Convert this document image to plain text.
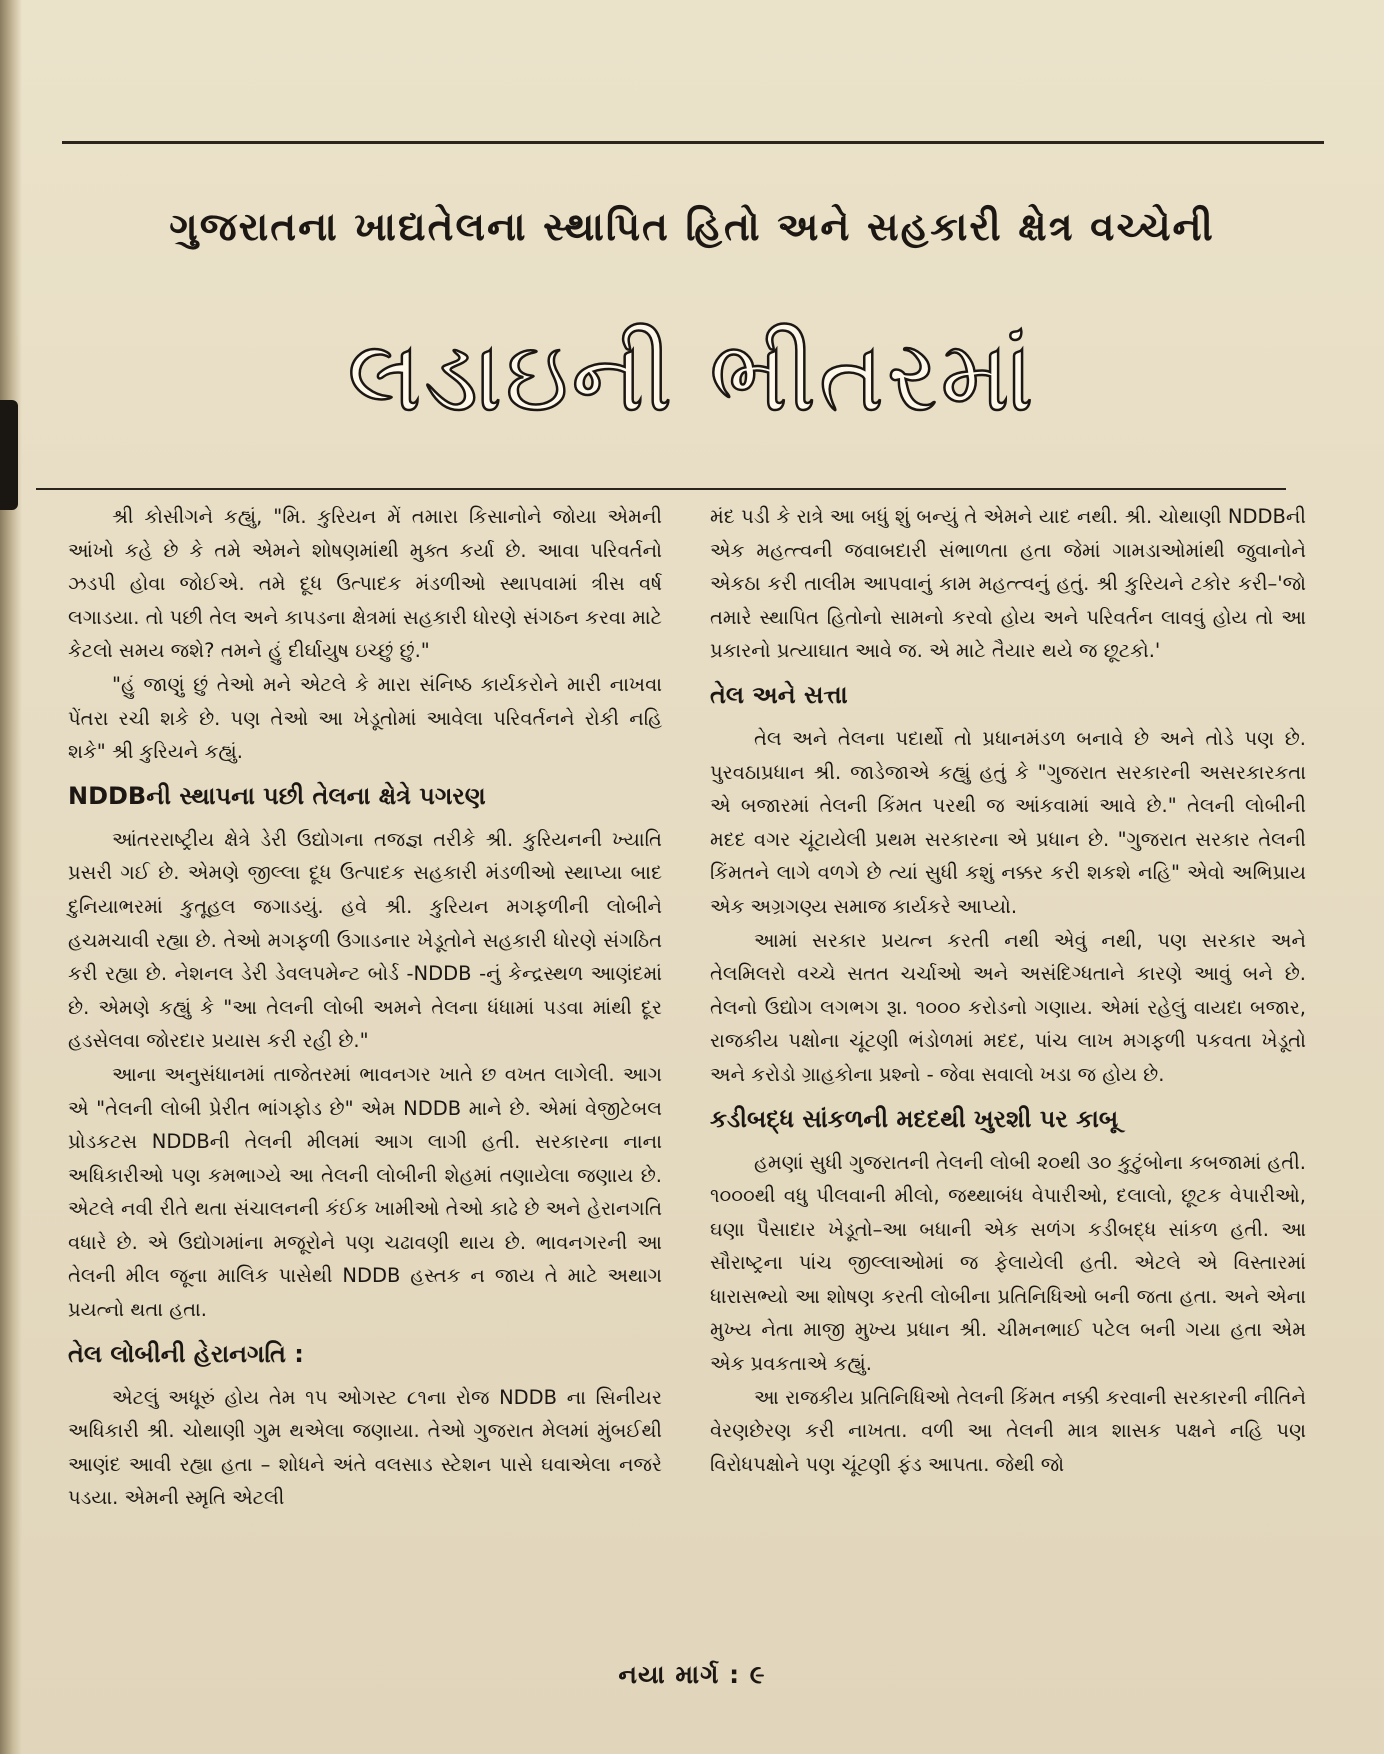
ગુજરાતના ખાદ્યતેલના સ્થાપિત હિતો અને સહકારી ક્ષેત્ર વચ્ચેની
લડાઇની ભીતરમાં

શ્રી કોસીગને કહ્યું, "મિ. કુરિયન મેં તમારા કિસાનોને જોયા એમની આંખો કહે છે કે તમે એમને શોષણમાંથી મુક્ત કર્યા છે. આવા પરિવર્તનો ઝડપી હોવા જોઈએ. તમે દૂધ ઉત્પાદક મંડળીઓ સ્થાપવામાં ત્રીસ વર્ષ લગાડયા. તો પછી તેલ અને કાપડના ક્ષેત્રમાં સહકારી ધોરણે સંગઠન કરવા માટે કેટલો સમય જશે? તમને હું દીર્ઘાયુષ ઇચ્છું છું."

"હું જાણું છું તેઓ મને એટલે કે મારા સંનિષ્ઠ કાર્યકરોને મારી નાખવા પેંતરા રચી શકે છે. પણ તેઓ આ ખેડૂતોમાં આવેલા પરિવર્તનને રોકી નહિ શકે" શ્રી કુરિયને કહ્યું.

NDDBની સ્થાપના પછી તેલના ક્ષેત્રે પગરણ

આંતરરાષ્ટ્રીય ક્ષેત્રે ડેરી ઉદ્યોગના તજજ્ઞ તરીકે શ્રી. કુરિયનની ખ્યાતિ પ્રસરી ગઈ છે. એમણે જીલ્લા દૂધ ઉત્પાદક સહકારી મંડળીઓ સ્થાપ્યા બાદ દુનિયાભરમાં કુતૂહલ જગાડયું. હવે શ્રી. કુરિયન મગફળીની લોબીને હચમચાવી રહ્યા છે. તેઓ મગફળી ઉગાડનાર ખેડૂતોને સહકારી ધોરણે સંગઠિત કરી રહ્યા છે. નેશનલ ડેરી ડેવલપમેન્ટ બોર્ડ -NDDB -નું કેન્દ્રસ્થળ આણંદમાં છે. એમણે કહ્યું કે "આ તેલની લોબી અમને તેલના ધંધામાં પડવા માંથી દૂર હડસેલવા જોરદાર પ્રયાસ કરી રહી છે."

આના અનુસંધાનમાં તાજેતરમાં ભાવનગર ખાતે છ વખત લાગેલી. આગ એ "તેલની લોબી પ્રેરીત ભાંગફોડ છે" એમ NDDB માને છે. એમાં વેજીટેબલ પ્રોડકટસ NDDBની તેલની મીલમાં આગ લાગી હતી. સરકારના નાના અધિકારીઓ પણ કમભાગ્યે આ તેલની લોબીની શેહમાં તણાયેલા જણાય છે. એટલે નવી રીતે થતા સંચાલનની કંઈક ખામીઓ તેઓ કાઢે છે અને હેરાનગતિ વધારે છે. એ ઉદ્યોગમાંના મજૂરોને પણ ચઢાવણી થાય છે. ભાવનગરની આ તેલની મીલ જૂના માલિક પાસેથી NDDB હસ્તક ન જાય તે માટે અથાગ પ્રયત્નો થતા હતા.

તેલ લોબીની હેરાનગતિ :

એટલું અધૂરું હોય તેમ ૧૫ ઓગસ્ટ ૮૧ના રોજ NDDB ના સિનીયર અધિકારી શ્રી. ચોથાણી ગુમ થએલા જણાયા. તેઓ ગુજરાત મેલમાં મુંબઈથી આણંદ આવી રહ્યા હતા – શોધને અંતે વલસાડ સ્ટેશન પાસે ઘવાએલા નજરે પડયા. એમની સ્મૃતિ એટલી

મંદ પડી કે રાત્રે આ બધું શું બન્યું તે એમને યાદ નથી. શ્રી. ચોથાણી NDDBની એક મહત્ત્વની જવાબદારી સંભાળતા હતા જેમાં ગામડાઓમાંથી જુવાનોને એકઠા કરી તાલીમ આપવાનું કામ મહત્ત્વનું હતું. શ્રી કુરિયને ટકોર કરી–'જો તમારે સ્થાપિત હિતોનો સામનો કરવો હોય અને પરિવર્તન લાવવું હોય તો આ પ્રકારનો પ્રત્યાઘાત આવે જ. એ માટે તૈયાર થયે જ છૂટકો.'

તેલ અને સત્તા

તેલ અને તેલના પદાર્થો તો પ્રધાનમંડળ બનાવે છે અને તોડે પણ છે. પુરવઠાપ્રધાન શ્રી. જાડેજાએ કહ્યું હતું કે "ગુજરાત સરકારની અસરકારકતા એ બજારમાં તેલની કિંમત પરથી જ આંકવામાં આવે છે." તેલની લોબીની મદદ વગર ચૂંટાયેલી પ્રથમ સરકારના એ પ્રધાન છે. "ગુજરાત સરકાર તેલની કિંમતને લાગે વળગે છે ત્યાં સુધી કશું નક્કર કરી શકશે નહિ" એવો અભિપ્રાય એક અગ્રગણ્ય સમાજ કાર્યકરે આપ્યો.

આમાં સરકાર પ્રયત્ન કરતી નથી એવું નથી, પણ સરકાર અને તેલમિલરો વચ્ચે સતત ચર્ચાઓ અને અસંદિગ્ધતાને કારણે આવું બને છે. તેલનો ઉદ્યોગ લગભગ રૂા. ૧૦૦૦ કરોડનો ગણાય. એમાં રહેલું વાયદા બજાર, રાજકીય પક્ષોના ચૂંટણી ભંડોળમાં મદદ, પાંચ લાખ મગફળી પકવતા ખેડૂતો અને કરોડો ગ્રાહકોના પ્રશ્નો - જેવા સવાલો ખડા જ હોય છે.

કડીબદ્ધ સાંકળની મદદથી ખુરશી પર કાબૂ

હમણાં સુધી ગુજરાતની તેલની લોબી ૨૦થી ૩૦ કુટુંબોના કબજામાં હતી. ૧૦૦૦થી વધુ પીલવાની મીલો, જથ્થાબંધ વેપારીઓ, દલાલો, છૂટક વેપારીઓ, ઘણા પૈસાદાર ખેડૂતો–આ બધાની એક સળંગ કડીબદ્ધ સાંકળ હતી. આ સૌરાષ્ટ્રના પાંચ જીલ્લાઓમાં જ ફેલાયેલી હતી. એટલે એ વિસ્તારમાં ધારાસભ્યો આ શોષણ કરતી લોબીના પ્રતિનિધિઓ બની જતા હતા. અને એના મુખ્ય નેતા માજી મુખ્ય પ્રધાન શ્રી. ચીમનભાઈ પટેલ બની ગયા હતા એમ એક પ્રવકતાએ કહ્યું.

આ રાજકીય પ્રતિનિધિઓ તેલની કિંમત નક્કી કરવાની સરકારની નીતિને વેરણછેરણ કરી નાખતા. વળી આ તેલની માત્ર શાસક પક્ષને નહિ પણ વિરોધપક્ષોને પણ ચૂંટણી ફંડ આપતા. જેથી જો

નયા માર્ગ : ૯
